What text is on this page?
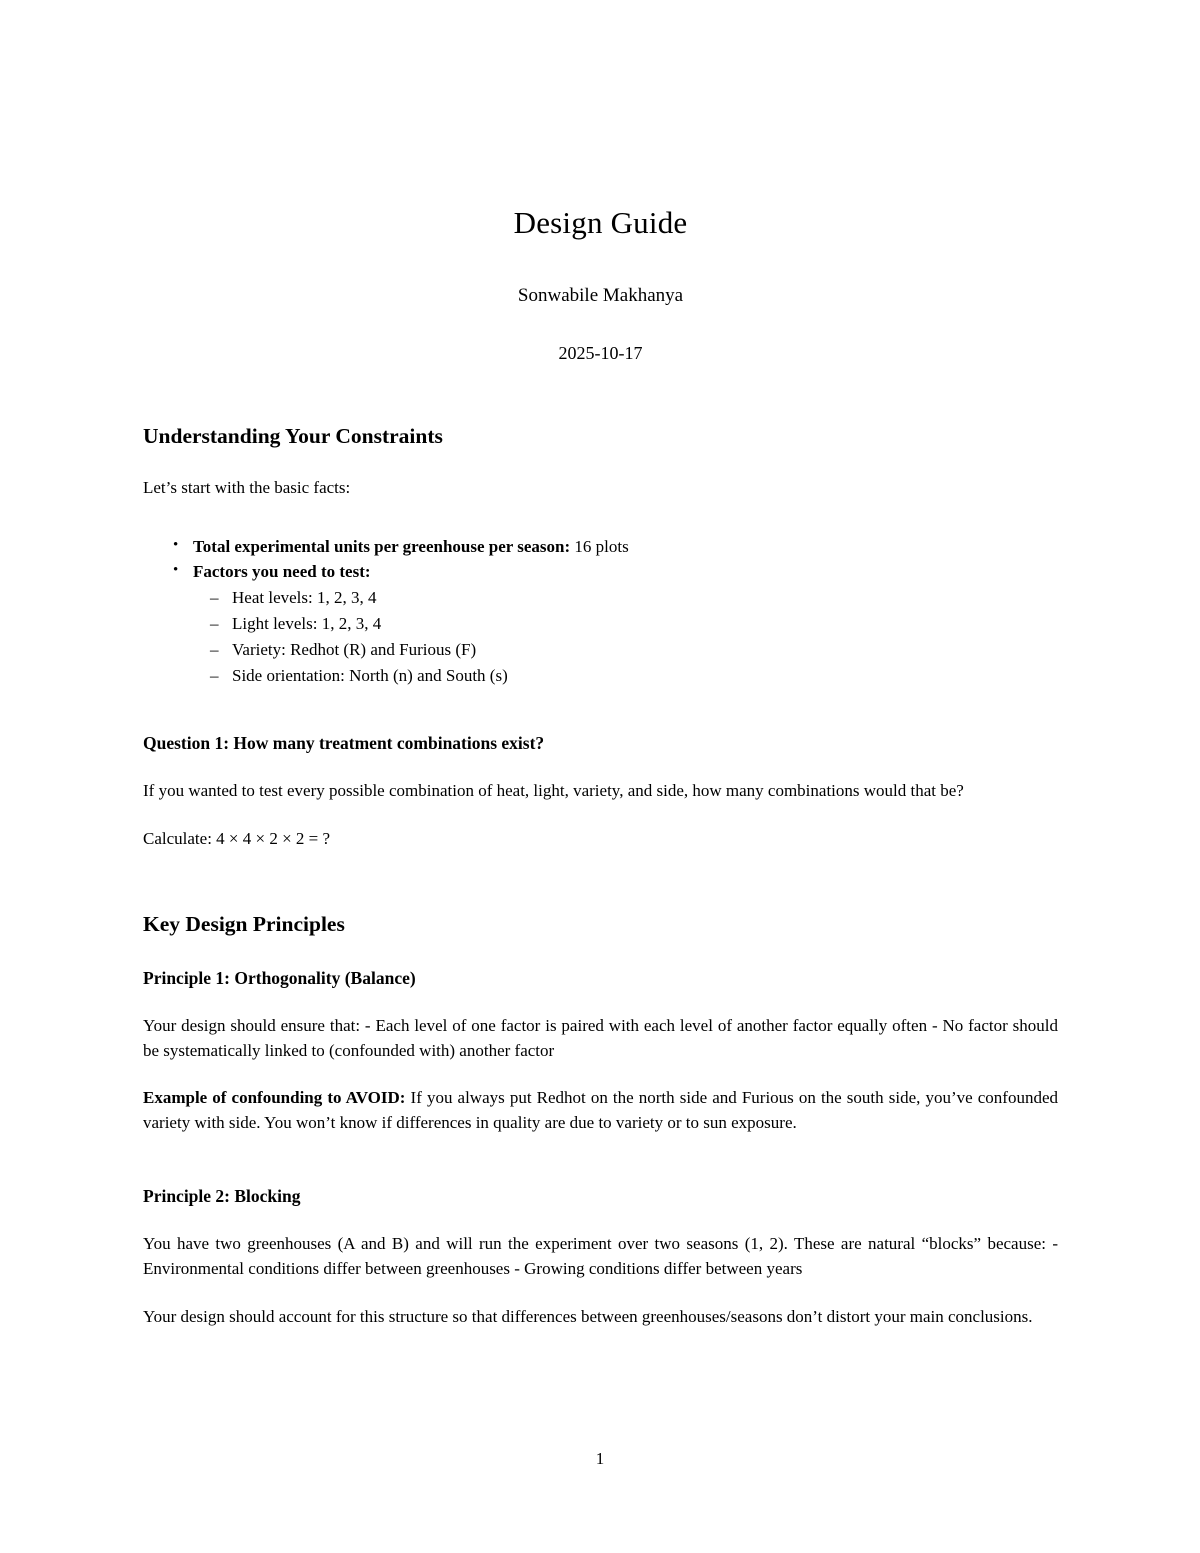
Design Guide
Sonwabile Makhanya
2025-10-17
Understanding Your Constraints

Let’s start with the basic facts:

• Total experimental units per greenhouse per season: 16 plots
• Factors you need to test:
– Heat levels: 1, 2, 3, 4
– Light levels: 1, 2, 3, 4
– Variety: Redhot (R) and Furious (F)
– Side orientation: North (n) and South (s)
Question 1: How many treatment combinations exist?

If you wanted to test every possible combination of heat, light, variety, and side, how many combinations would that be?

Calculate: 4 × 4 × 2 × 2 = ?

Key Design Principles
Principle 1: Orthogonality (Balance)

Your design should ensure that: - Each level of one factor is paired with each level of another factor equally often - No factor should be systematically linked to (confounded with) another factor

Example of confounding to AVOID: If you always put Redhot on the north side and Furious on the south side, you’ve confounded variety with side. You won’t know if differences in quality are due to variety or to sun exposure.

Principle 2: Blocking

You have two greenhouses (A and B) and will run the experiment over two seasons (1, 2). These are natural “blocks” because: - Environmental conditions differ between greenhouses - Growing conditions differ between years

Your design should account for this structure so that differences between greenhouses/seasons don’t distort your main conclusions.

1
